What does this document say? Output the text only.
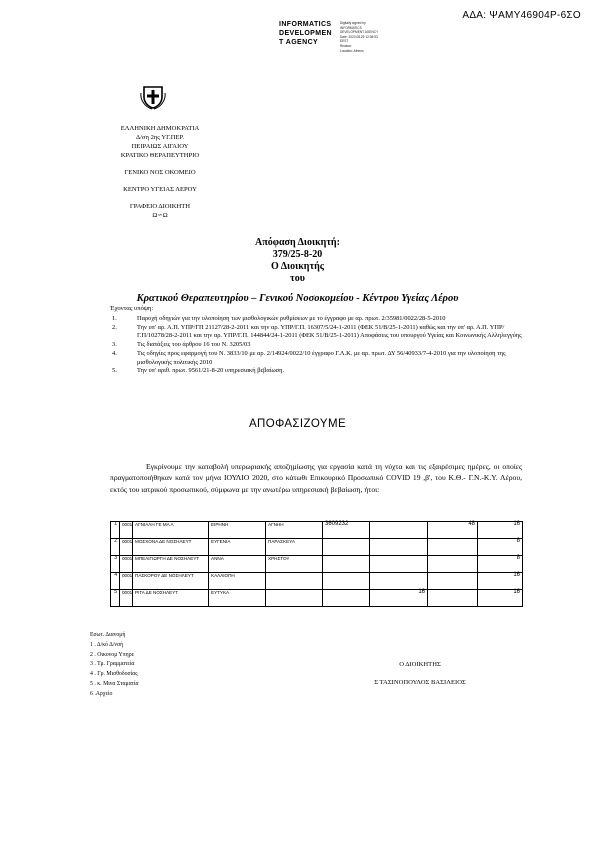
ΑΔΑ: ΨΑΜΥ46904Ρ-6ΣΟ
INFORMATICS
DEVELOPMEN
T AGENCY
Digitally signed by
INFORMATICS
DEVELOPMENT AGENCY
Date: 2020.08.25 12:08:53
EEST
Reason:
Location: Athens
ΕΛΛΗΝΙΚΗ ΔΗΜΟΚΡΑΤΙΑ
Δ/ση 2ης ΥΓ.ΠΕΡ.
ΠΕΙΡΑΙΩΣ ΑΙΓΑΙΟΥ
ΚΡΑΤΙΚΟ ΘΕΡΑΠΕΥΤΗΡΙΟ
ΓΕΝΙΚΟ ΝΟΣ ΟΚΟΜΕΙΟ
ΚΕΝΤΡΟ ΥΓΕΙΑΣ ΛΕΡΟΥ
ΓΡΑΦΕΙΟ ΔΙΟΙΚΗΤΗ
Ω∽Ω
Απόφαση Διοικητή:
379/25-8-20
Ο Διοικητής
του
Κρατικού Θεραπευτηρίου – Γενικού Νοσοκομείου - Κέντρου Υγείας Λέρου
Έχοντας υπόψη:
1.	Παροχή οδηγιών για την υλοποίηση των μισθολογικών ρυθμίσεων με το έγγραφο με αρ. πρωτ. 2/35981/0022/28-5-2010
2.	Την υπ' αρ. Α.Π. ΥΠΡ/ΓΠ 21127/28-2-2011 και την αρ. ΥΠΡ/Γ.Π. 16307/5/24-1-2011 (ΦΕΚ 51/Β/25-1-2011) καθώς και την υπ' αρ. Α.Π. ΥΠΡ/Γ.Π/10278/28-2-2011 και την αρ. ΥΠΡ/Γ.Π. 144844/24-1-2011 (ΦΕΚ 51/Β/25-1-2011) Αποφάσεις του υπουργού Υγείας και Κοινωνικής Αλληλεγγύης
3.	Τις διατάξεις του άρθρου 16 του Ν. 3205/03
4.	Τις οδηγίες προς εφαρμογή του Ν. 3833/10 με αρ. 2/14924/0022/10 έγγραφο Γ.Λ.Κ. με αρ. πρωτ. ΔΥ 56/40933/7-4-2010 για την υλοποίηση της μισθολογικής πολιτικής 2010
5.	Την υπ' αριθ. πρωτ. 9561/21-8-20 υπηρεσιακή βεβαίωση.
ΑΠΟΦΑΣΙΖΟΥΜΕ
Εγκρίνουμε την καταβολή υπερωριακής αποζημίωσης για εργασία κατά τη νύχτα και τις εξαιρέσιμες ημέρες, οι οποίες πραγματοποιήθηκαν κατά τον μήνα ΙΟΥΛΙΟ 2020, στο κάτωθι Επικουρικό Προσωπικό COVID 19 ,β', του Κ.Θ.- Γ.Ν.-Κ.Υ. Λέρου, εκτός του ιατρικού προσωπικού, σύμφωνα με την ανωτέρω υπηρεσιακή βεβαίωση, ήτοι:
1	0001	ΑΓΝΙΑΛΗ ΓΕ ΜΑ Α	ΕΙΡΗΝΗ	ΑΓΝΗΗ	3609232		48	16
2	0001	ΜΟΣΧΟΝΑ ΔΕ ΝΟΣΗΛΕΥΤ	ΕΥΓΕΝΙΑ	ΠΑΡΑΣΚΕΥΑ				8
3	0001	ΜΠΕΛΙΓΙΩΡΓΗ ΔΕ ΝΟΣΗΛΕΥΤ	ΑΝΝΑ	ΧΡΗΣΤΟΥ				8
4	0001	ΠΑΣΚΟΡΟΥ ΔΕ ΝΟΣΗΛΕΥΤ	ΚΑΛΛΙΟΠΗ					16
5	0001	ΡΙΤΑ ΔΕ ΝΟΣΗΛΕΥΤ	ΕΥΤΥΚΑ			16		16
Εσωτ. Διανομή
1 . Δ/κό Δ/νσή
2 . Οικονομ Υπηρε
3 . Τμ. Γραμματεία
4 . Γρ. Μισθοδοσίας
5 . κ. Μινα Σταματία
6 .Αρχείο
Ο ΔΙΟΙΚΗΤΗΣ
Σ ΤΑΣΙΝΟΠΟΥΛΟΣ ΒΑΣΙΛΕΙΟΣ
